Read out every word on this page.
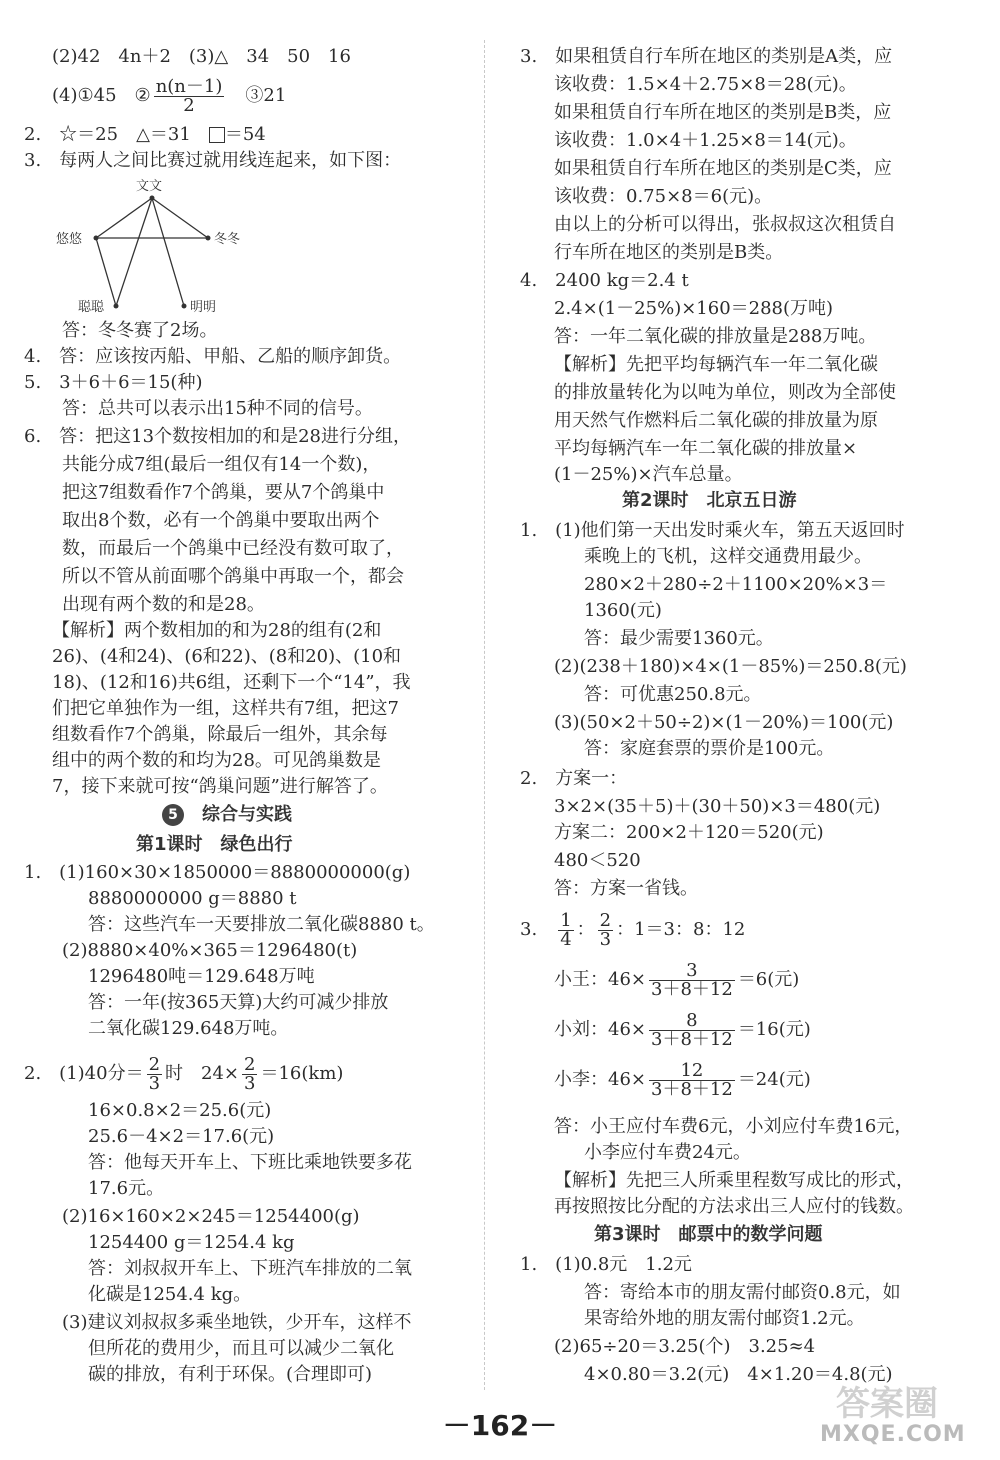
(2)42　4n＋2　(3)△　34　50　16
(4)①45　② $\frac{n(n-1)}{2}$
　 ③21
2.　☆＝25　△＝31　＝54
3.　每两人之间比赛过就用线连起来，如下图：
文文
悠悠	冬冬
聪聪	明明
答：冬冬赛了2场。
4.　答：应该按丙船、甲船、乙船的顺序卸货。
5.　3＋6＋6＝15(种)
答：总共可以表示出15种不同的信号。
6.　答：把这13个数按相加的和是28进行分组，
共能分成7组(最后一组仅有14一个数)，
把这7组数看作7个鸽巢，要从7个鸽巢中
取出8个数，必有一个鸽巢中要取出两个
数，而最后一个鸽巢中已经没有数可取了，
所以不管从前面哪个鸽巢中再取一个，都会
出现有两个数的和是28。
【解析】两个数相加的和为28的组有(2和
26)、(4和24)、(6和22)、(8和20)、(10和
18)、(12和16)共6组，还剩下一个“14”，我
们把它单独作为一组，这样共有7组，把这7
组数看作7个鸽巢，除最后一组外，其余每
组中的两个数的和均为28。可见鸽巢数是
7，接下来就可按“鸽巢问题”进行解答了。
5　 综合与实践
第1课时　绿色出行
1.　(1)160×30×1850000＝8880000000(g)
8880000000 g＝8880 t
答：这些汽车一天要排放二氧化碳8880 t。
(2)8880×40%×365＝1296480(t)
1296480吨＝129.648万吨
答：一年(按365天算)大约可减少排放
二氧化碳129.648万吨。
2.　(1)40分＝ $\frac{2}{3}$ 时　$24\times \frac{2}{3} =16(km)$
16×0.8×2＝25.6(元)
25.6－4×2＝17.6(元)
答：他每天开车上、下班比乘地铁要多花
17.6元。
(2)16×160×2×245＝1254400(g)
1254400 g＝1254.4 kg
答：刘叔叔开车上、下班汽车排放的二氧
化碳是1254.4 kg。
(3)建议刘叔叔多乘坐地铁，少开车，这样不
但所花的费用少，而且可以减少二氧化
碳的排放，有利于环保。(合理即可)
3.　如果租赁自行车所在地区的类别是A类，应
该收费：1.5×4＋2.75×8＝28(元)。
如果租赁自行车所在地区的类别是B类，应
该收费：1.0×4＋1.25×8＝14(元)。
如果租赁自行车所在地区的类别是C类，应
该收费：0.75×8＝6(元)。
由以上的分析可以得出，张叔叔这次租赁自
行车所在地区的类别是B类。
4.　2400 kg＝2.4 t
2.4×(1－25%)×160＝288(万吨)
答：一年二氧化碳的排放量是288万吨。
【解析】先把平均每辆汽车一年二氧化碳
的排放量转化为以吨为单位，则改为全部使
用天然气作燃料后二氧化碳的排放量为原
平均每辆汽车一年二氧化碳的排放量×
(1－25%)×汽车总量。
第2课时　北京五日游
1.　(1)他们第一天出发时乘火车，第五天返回时
乘晚上的飞机，这样交通费用最少。
280×2＋280÷2＋1100×20%×3＝
1360(元)
答：最少需要1360元。
(2)(238＋180)×4×(1－85%)＝250.8(元)
答：可优惠250.8元。
(3)(50×2＋50÷2)×(1－20%)＝100(元)
答：家庭套票的票价是100元。
2.　方案一：
3×2×(35＋5)＋(30＋50)×3＝480(元)
方案二：200×2＋120＝520(元)
480＜520
答：方案一省钱。
3.　 $\frac{1}{4}$ ： $\frac{2}{3}$ ：1＝3：8：12
小王：$46\times \frac{3}{3+8+12} =6$(元)
小刘：$46\times \frac{8}{3+8+12} =16$(元)
小李：$46\times \frac{12}{3+8+12} =24$(元)
答：小王应付车费6元，小刘应付车费16元，
小李应付车费24元。
【解析】先把三人所乘里程数写成比的形式，
再按照按比分配的方法求出三人应付的钱数。
第3课时　邮票中的数学问题
1.　(1)0.8元　1.2元
答：寄给本市的朋友需付邮资0.8元，如
果寄给外地的朋友需付邮资1.2元。
(2)65÷20＝3.25(个)　3.25≈4
4×0.80＝3.2(元)　4×1.20＝4.8(元)
－162－
答案圈
MXQE.COM
